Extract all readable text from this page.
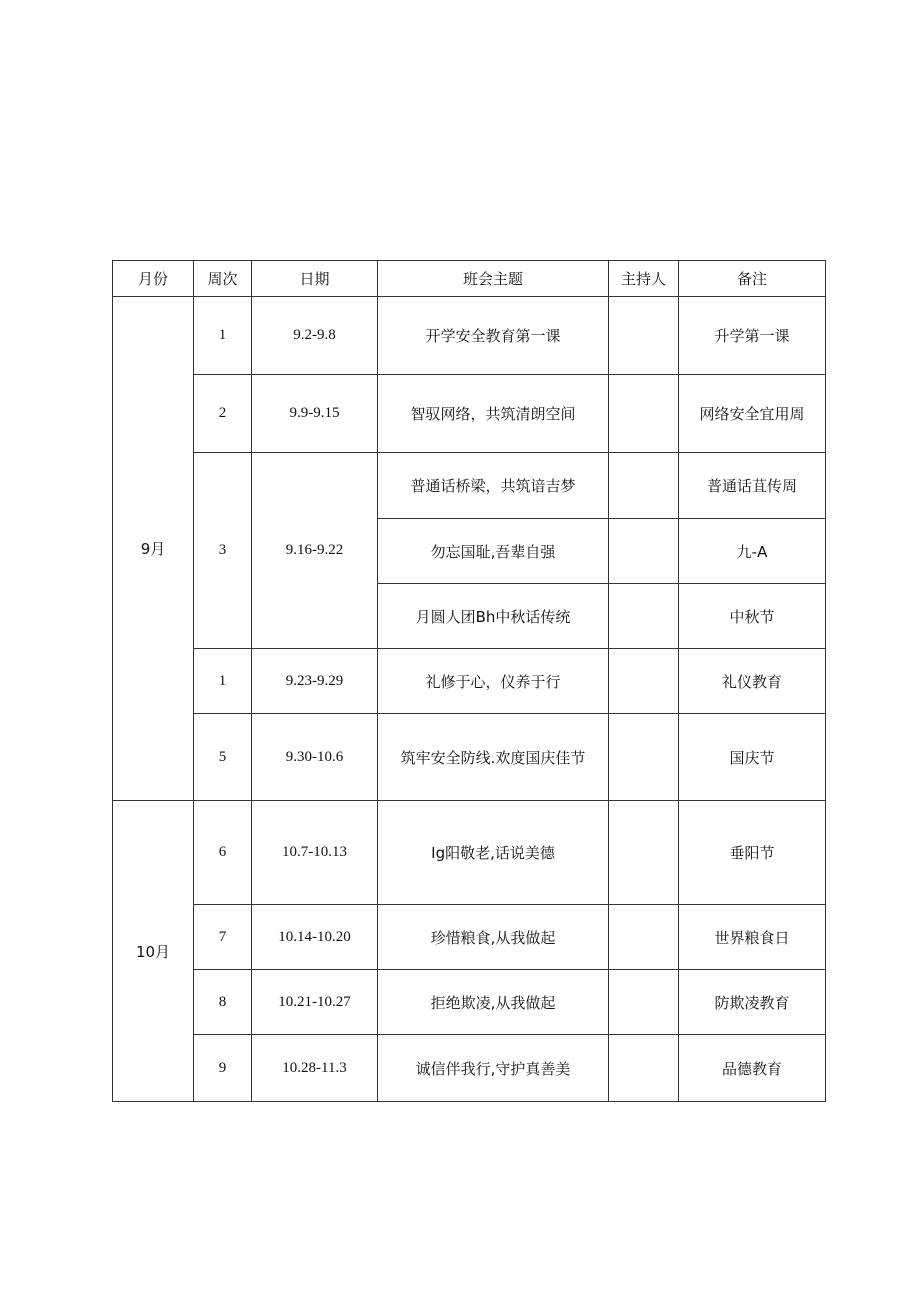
月份	周次	日期	班会主题	主持人	备注
9月	1	9.2-9.8	开学安全教育第一课		升学第一课
	2	9.9-9.15	智驭网络，共筑清朗空间		网络安全宜用周
	3	9.16-9.22	普通话桥梁，共筑谙吉梦		普通话苴传周
			勿忘国耻,吾辈自强		九-A
			月圆人团Bh中秋话传统		中秋节
	1	9.23-9.29	礼修于心，仪养于行		礼仪教育
	5	9.30-10.6	筑牢安全防线.欢度国庆佳节		国庆节
10月	6	10.7-10.13	Ig阳敬老,话说美德		垂阳节
	7	10.14-10.20	珍惜粮食,从我做起		世界粮食日
	8	10.21-10.27	拒绝欺凌,从我做起		防欺凌教育
	9	10.28-11.3	诚信伴我行,守护真善美		品德教育
